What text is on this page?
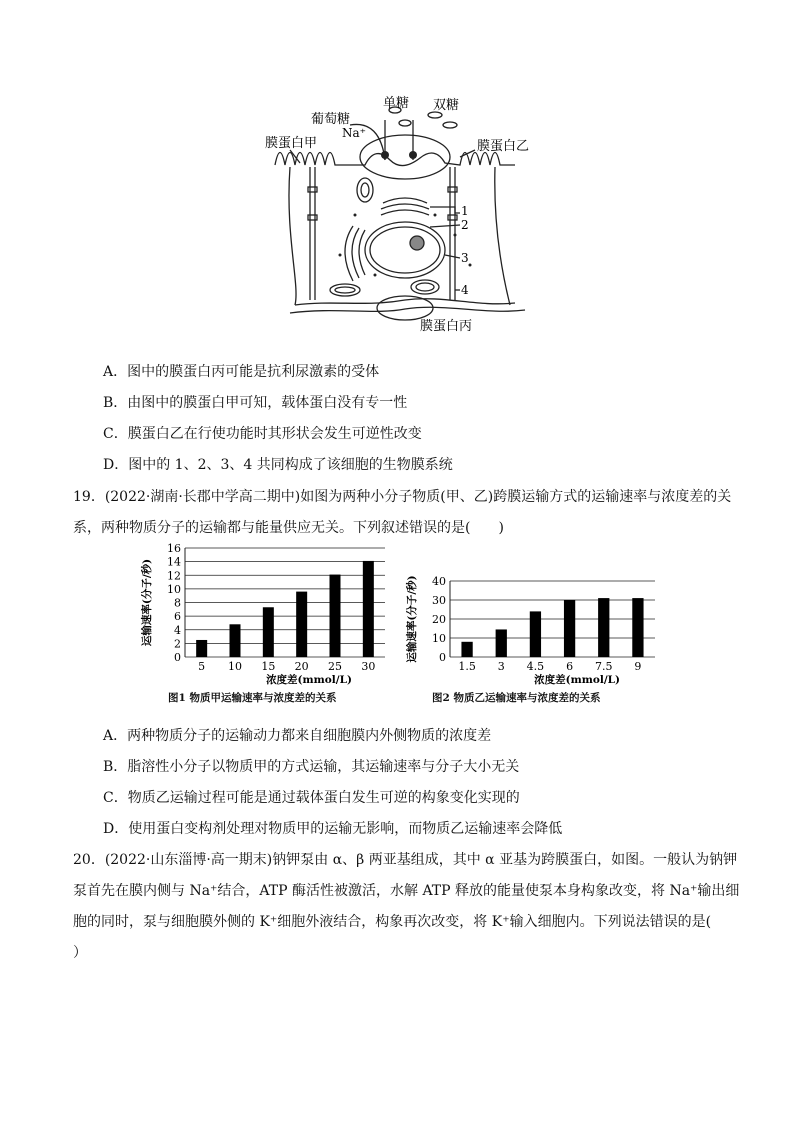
葡萄糖
Na⁺
单糖 双糖
膜蛋白甲	膜蛋白乙
膜蛋白丙
1
2
3
4
A．图中的膜蛋白丙可能是抗利尿激素的受体
B．由图中的膜蛋白甲可知，载体蛋白没有专一性
C．膜蛋白乙在行使功能时其形状会发生可逆性改变
D．图中的 1、2、3、4 共同构成了该细胞的生物膜系统
19．(2022·湖南·长郡中学高二期中)如图为两种小分子物质(甲、乙)跨膜运输方式的运输速率与浓度差的关
系，两种物质分子的运输都与能量供应无关。下列叙述错误的是(　　)
0
2
4
6
8
10
12
14
16
5 10 15 20 25 30
浓度差(mmol/L)
运输速率(分子/秒)
图1 物质甲运输速率与浓度差的关系
0
10
20
30
40
1.5 3 4.5 6 7.5 9
浓度差(mmol/L)
运输速率(分子/秒)
图2 物质乙运输速率与浓度差的关系
A．两种物质分子的运输动力都来自细胞膜内外侧物质的浓度差
B．脂溶性小分子以物质甲的方式运输，其运输速率与分子大小无关
C．物质乙运输过程可能是通过载体蛋白发生可逆的构象变化实现的
D．使用蛋白变构剂处理对物质甲的运输无影响，而物质乙运输速率会降低
20．(2022·山东淄博·高一期末)钠钾泵由 α、β 两亚基组成，其中 α 亚基为跨膜蛋白，如图。一般认为钠钾
泵首先在膜内侧与 Na⁺结合，ATP 酶活性被激活，水解 ATP 释放的能量使泵本身构象改变，将 Na⁺输出细
胞的同时，泵与细胞膜外侧的 K⁺细胞外液结合，构象再次改变，将 K⁺输入细胞内。下列说法错误的是(
）
